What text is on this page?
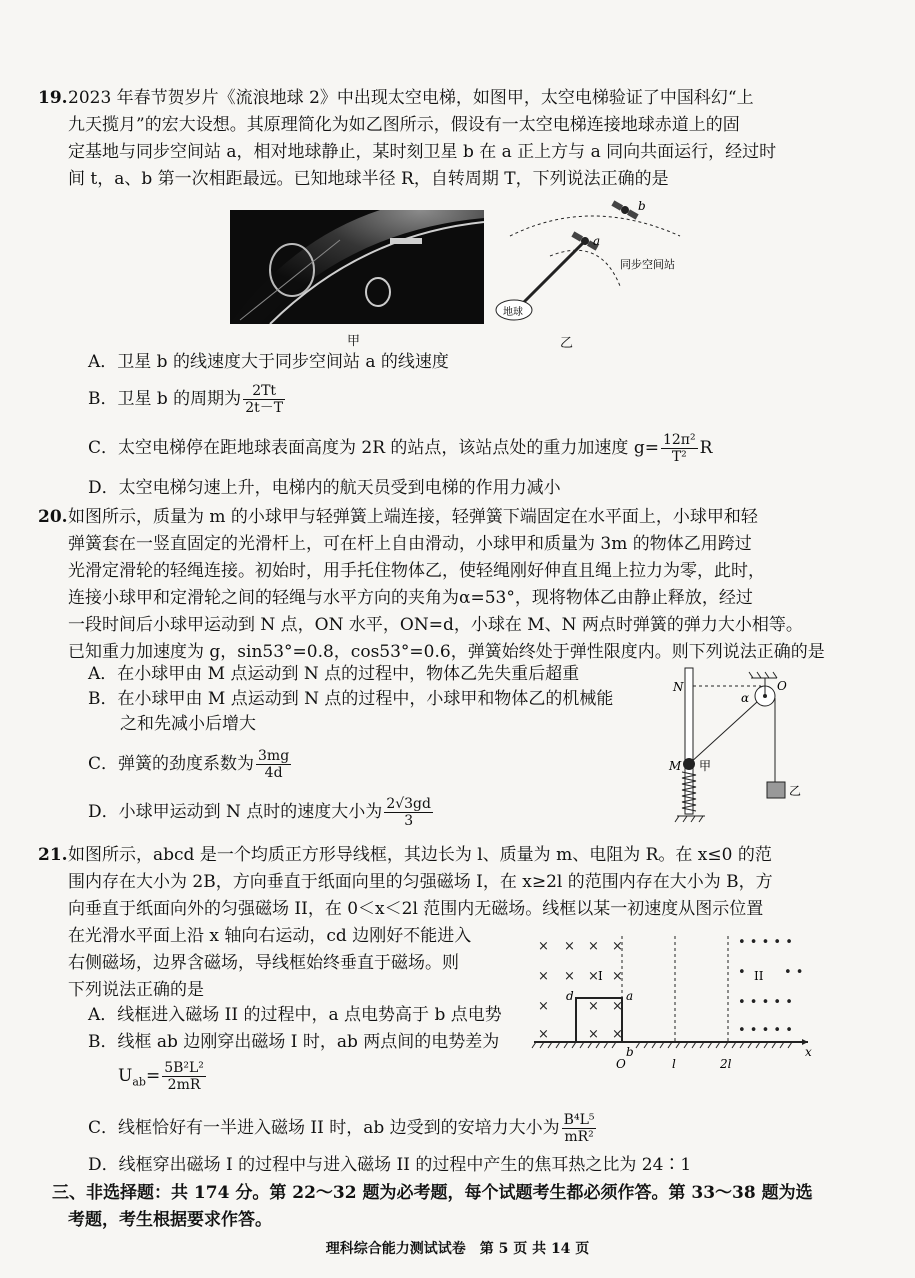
19. 2023 年春节贺岁片《流浪地球 2》中出现太空电梯，如图甲，太空电梯验证了中国科幻“上
九天揽月”的宏大设想。其原理简化为如乙图所示，假设有一太空电梯连接地球赤道上的固
定基地与同步空间站 a，相对地球静止，某时刻卫星 b 在 a 正上方与 a 同向共面运行，经过时
间 t，a、b 第一次相距最远。已知地球半径 R，自转周期 T，下列说法正确的是
甲
地球
a
b
同步空间站
乙
A．卫星 b 的线速度大于同步空间站 a 的线速度
B．卫星 b 的周期为 $\frac{2Tt}{2t-T}$
C．太空电梯停在距地球表面高度为 2R 的站点，该站点处的重力加速度 $g= \frac{\text{12π²}}{\text{T²}}$ R
D．太空电梯匀速上升，电梯内的航天员受到电梯的作用力减小
20. 如图所示，质量为 m 的小球甲与轻弹簧上端连接，轻弹簧下端固定在水平面上，小球甲和轻
弹簧套在一竖直固定的光滑杆上，可在杆上自由滑动，小球甲和质量为 3m 的物体乙用跨过
光滑定滑轮的轻绳连接。初始时，用手托住物体乙，使轻绳刚好伸直且绳上拉力为零，此时，
连接小球甲和定滑轮之间的轻绳与水平方向的夹角为α=53°，现将物体乙由静止释放，经过
一段时间后小球甲运动到 N 点，ON 水平，ON=d，小球在 M、N 两点时弹簧的弹力大小相等。
已知重力加速度为 g，sin53°=0.8，cos53°=0.6，弹簧始终处于弹性限度内。则下列说法正确的是
A．在小球甲由 M 点运动到 N 点的过程中，物体乙先失重后超重
B．在小球甲由 M 点运动到 N 点的过程中，小球甲和物体乙的机械能
之和先减小后增大
C．弹簧的劲度系数为 $\frac{3mg}{4d}$
D．小球甲运动到 N 点时的速度大小为 $\frac{2√3gd}{3}$
N	O
α
M 甲
乙
21. 如图所示，abcd 是一个均质正方形导线框，其边长为 l、质量为 m、电阻为 R。在 x≤0 的范
围内存在大小为 2B，方向垂直于纸面向里的匀强磁场 I，在 x≥2l 的范围内存在大小为 B，方
向垂直于纸面向外的匀强磁场 II，在 0＜x＜2l 范围内无磁场。线框以某一初速度从图示位置
在光滑水平面上沿 x 轴向右运动，cd 边刚好不能进入
右侧磁场，边界含磁场，导线框始终垂直于磁场。则
下列说法正确的是
A．线框进入磁场 II 的过程中，a 点电势高于 b 点电势
B．线框 ab 边刚穿出磁场 I 时，ab 两点间的电势差为
$U_{ab}= \frac{\text{5B²L²}}{2mR}$
C．线框恰好有一半进入磁场 II 时，ab 边受到的安培力大小为 $\frac{\text{B⁴L⁵}}{\text{mR²}}$
D．线框穿出磁场 I 的过程中与进入磁场 II 的过程中产生的焦耳热之比为 24∶1
× × × ×
× × × ×
×	× ×
×	× ×
• • • • •
• • • • •
• • • • •
•	• •
I	II
d	a
b	x
O	l	2l
三、非选择题：共 174 分。第 22～32 题为必考题，每个试题考生都必须作答。第 33～38 题为选
考题，考生根据要求作答。
理科综合能力测试试卷　第 5 页 共 14 页
